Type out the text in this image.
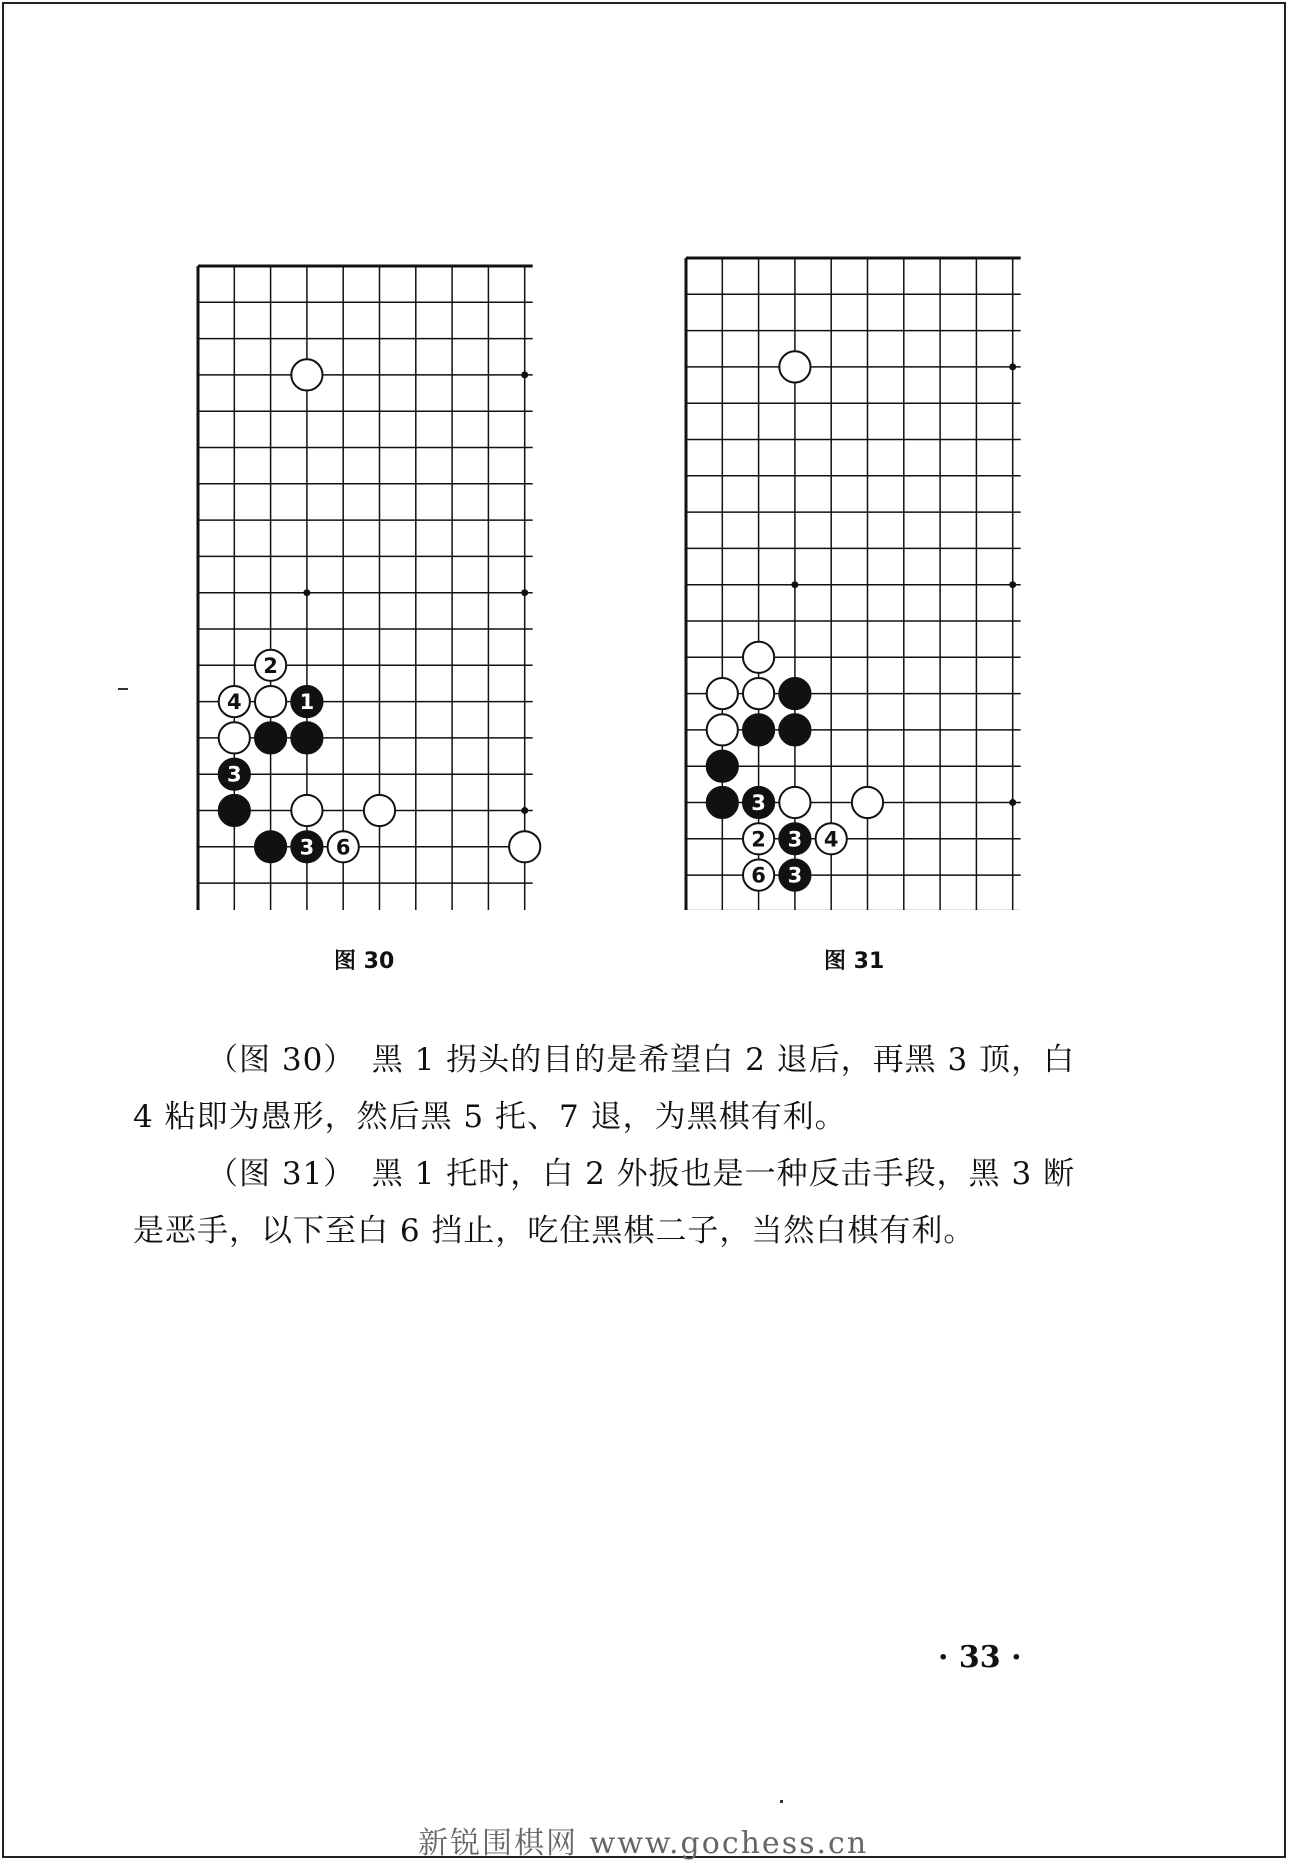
2
4	1
3
3 6
图 30
3
2 3 4
6 3
图 31

（图 30）　黑 1 拐头的目的是希望白 2 退后，再黑 3 顶，白 4 粘即为愚形，然后黑 5 托、7 退，为黑棋有利。

（图 31）　黑 1 托时，白 2 外扳也是一种反击手段，黑 3 断是恶手，以下至白 6 挡止，吃住黑棋二子，当然白棋有利。

· 33 ·
新锐围棋网 www.gochess.cn
